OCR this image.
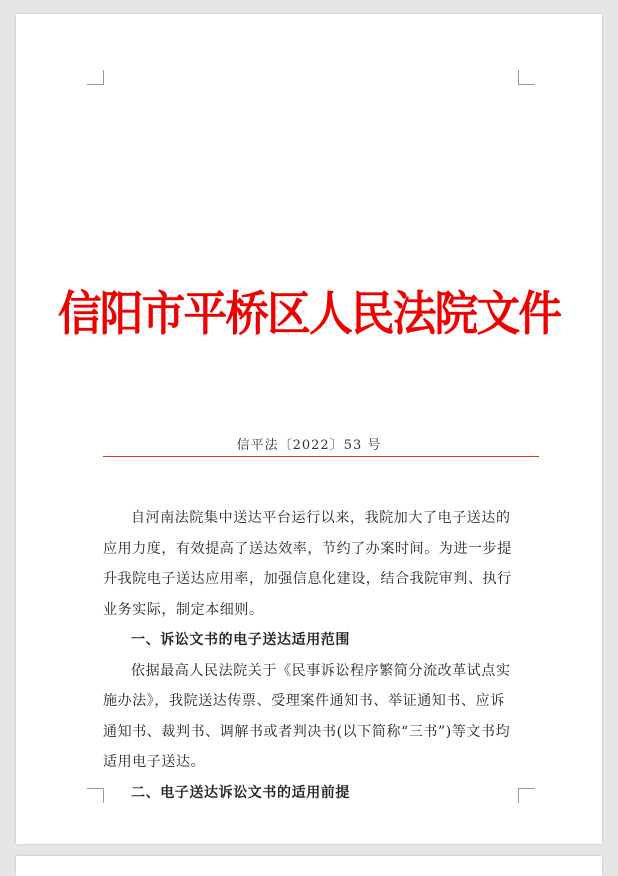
信阳市平桥区人民法院文件
信平法〔2022〕53 号

自河南法院集中送达平台运行以来，我院加大了电子送达的应用力度，有效提高了送达效率，节约了办案时间。为进一步提升我院电子送达应用率，加强信息化建设，结合我院审判、执行业务实际，制定本细则。

一、诉讼文书的电子送达适用范围

依据最高人民法院关于《民事诉讼程序繁简分流改革试点实施办法》，我院送达传票、受理案件通知书、举证通知书、应诉通知书、裁判书、调解书或者判决书(以下简称“三书”)等文书均适用电子送达。

二、电子送达诉讼文书的适用前提
